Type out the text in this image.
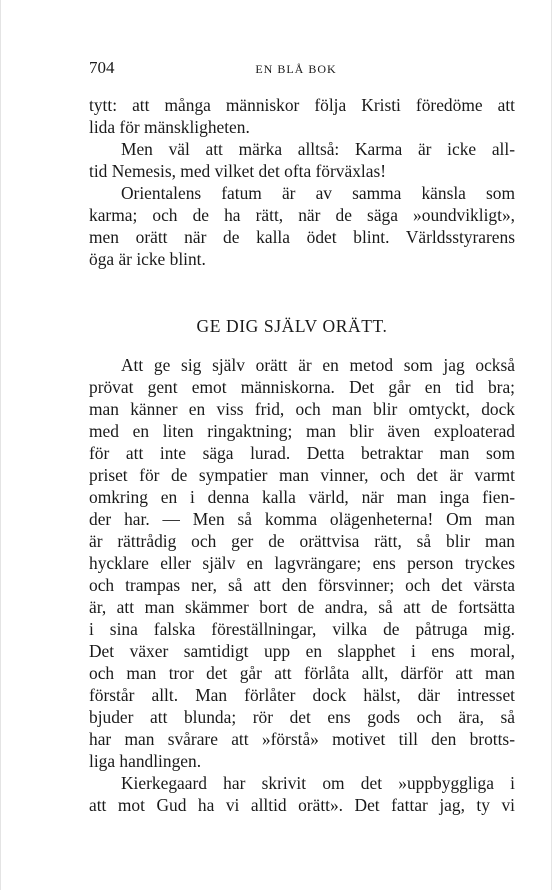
704	EN BLÅ BOK
tytt: att många människor följa Kristi föredöme att
lida för mänskligheten.
Men väl att märka alltså: Karma är icke all-
tid Nemesis, med vilket det ofta förväxlas!
Orientalens fatum är av samma känsla som
karma; och de ha rätt, när de säga »oundvikligt»,
men orätt när de kalla ödet blint. Världsstyrarens
öga är icke blint.
GE DIG SJÄLV ORÄTT.
Att ge sig själv orätt är en metod som jag också
prövat gent emot människorna. Det går en tid bra;
man känner en viss frid, och man blir omtyckt, dock
med en liten ringaktning; man blir även exploaterad
för att inte säga lurad. Detta betraktar man som
priset för de sympatier man vinner, och det är varmt
omkring en i denna kalla värld, när man inga fien-
der har. — Men så komma olägenheterna! Om man
är rättrådig och ger de orättvisa rätt, så blir man
hycklare eller själv en lagvrängare; ens person tryckes
och trampas ner, så att den försvinner; och det värsta
är, att man skämmer bort de andra, så att de fortsätta
i sina falska föreställningar, vilka de påtruga mig.
Det växer samtidigt upp en slapphet i ens moral,
och man tror det går att förlåta allt, därför att man
förstår allt. Man förlåter dock hälst, där intresset
bjuder att blunda; rör det ens gods och ära, så
har man svårare att »förstå» motivet till den brotts-
liga handlingen.
Kierkegaard har skrivit om det »uppbyggliga i
att mot Gud ha vi alltid orätt». Det fattar jag, ty vi
